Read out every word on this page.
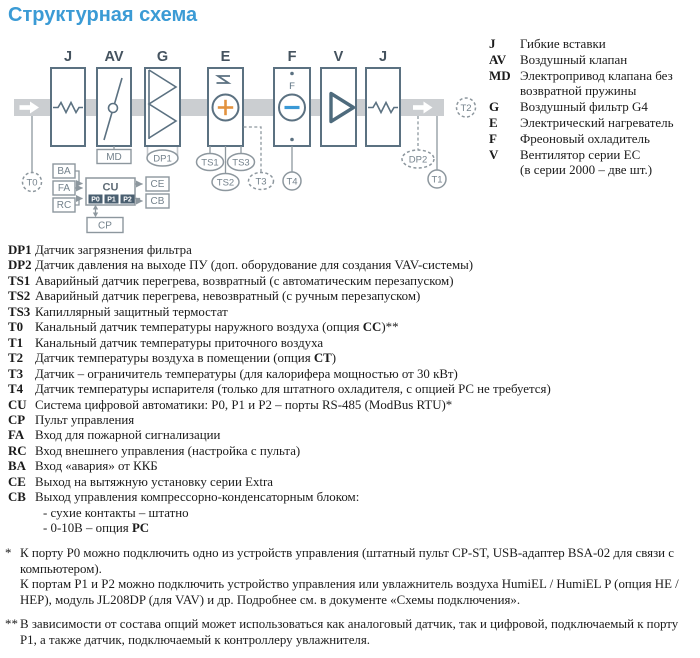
Структурная схема
F
T0
MD	DP1	TS1 TS3
TS2 T3 T4
DP2
T1
T2
BA
FA
RC
CE
CB
CP
CU
P0 P1 P2
J AV G	E	F	V J
J	Гибкие вставки
AV	Воздушный клапан
MD Электропривод клапана без
возвратной пружины
G	Воздушный фильтр G4
E	Электрический нагреватель
F	Фреоновый охладитель
V	Вентилятор серии EC
(в серии 2000 – две шт.)
DP1 Датчик загрязнения фильтра
DP2 Датчик давления на выходе ПУ (доп. оборудование для создания VAV-системы)
TS1 Аварийный датчик перегрева, возвратный (с автоматическим перезапуском)
TS2 Аварийный датчик перегрева, невозвратный (с ручным перезапуском)
TS3 Капиллярный защитный термостат
T0 Канальный датчик температуры наружного воздуха (опция CC)**
T1 Канальный датчик температуры приточного воздуха
T2 Датчик температуры воздуха в помещении (опция CT)
T3 Датчик – ограничитель температуры (для калорифера мощностью от 30 кВт)
T4 Датчик температуры испарителя (только для штатного охладителя, с опцией PC не требуется)
CU Система цифровой автоматики: P0, P1 и P2 – порты RS-485 (ModBus RTU)*
CP Пульт управления
FA Вход для пожарной сигнализации
RC Вход внешнего управления (настройка с пульта)
BA Вход «авария» от ККБ
CE Выход на вытяжную установку серии Extra
CB Выход управления компрессорно-конденсаторным блоком:
- сухие контакты – штатно
- 0-10В – опция PC
* К порту P0 можно подключить одно из устройств управления (штатный пульт CP-ST, USB-адаптер BSA-02 для связи с компьютером).
К портам P1 и P2 можно подключить устройство управления или увлажнитель воздуха HumiEL / HumiEL P (опция HE / HEP), модуль JL208DP (для VAV) и др. Подробнее см. в документе «Схемы подключения».
** В зависимости от состава опций может использоваться как аналоговый датчик, так и цифровой, подключаемый к порту P1, а также датчик, подключаемый к контроллеру увлажнителя.
